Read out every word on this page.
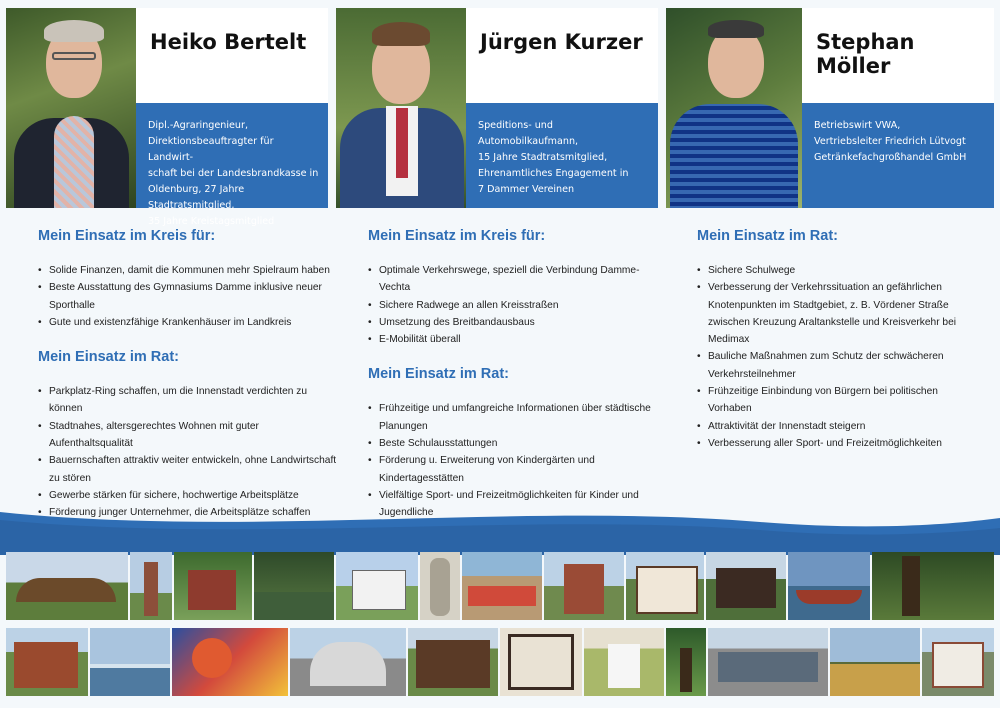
Heiko Bertelt
Dipl.-Agraringenieur,
Direktionsbeauftragter für Landwirt-
schaft bei der Landesbrandkasse in
Oldenburg, 27 Jahre Stadtratsmitglied,
35 Jahre Kreistagsmitglied
Jürgen Kurzer
Speditions- und Automobilkaufmann,
15 Jahre Stadtratsmitglied,
Ehrenamtliches Engagement in
7 Dammer Vereinen
Stephan Möller
Betriebswirt VWA,
Vertriebsleiter Friedrich Lütvogt
Getränkefachgroßhandel GmbH
Mein Einsatz im Kreis für:
• Solide Finanzen, damit die Kommunen mehr Spielraum haben
• Beste Ausstattung des Gymnasiums Damme inklusive neuer Sporthalle
• Gute und existenzfähige Krankenhäuser im Landkreis
Mein Einsatz im Rat:
• Parkplatz-Ring schaffen, um die Innenstadt verdichten zu können
• Stadtnahes, altersgerechtes Wohnen mit guter Aufenthaltsqualität
• Bauernschaften attraktiv weiter entwickeln, ohne Landwirtschaft zu stören
• Gewerbe stärken für sichere, hochwertige Arbeitsplätze
• Förderung junger Unternehmer, die Arbeitsplätze schaffen
Mein Einsatz im Kreis für:
• Optimale Verkehrswege, speziell die Verbindung Damme-Vechta
• Sichere Radwege an allen Kreisstraßen
• Umsetzung des Breitbandausbaus
• E-Mobilität überall
Mein Einsatz im Rat:
• Frühzeitige und umfangreiche Informationen über städtische Planungen
• Beste Schulausstattungen
• Förderung u. Erweiterung von Kindergärten und Kindertagesstätten
• Vielfältige Sport- und Freizeitmöglichkeiten für Kinder und Jugendliche
•
Mein Einsatz im Rat:
• Sichere Schulwege
• Verbesserung der Verkehrssituation an gefährlichen Knotenpunkten im Stadtgebiet, z. B. Vördener Straße zwischen Kreuzung Araltankstelle und Kreisverkehr bei Medimax
• Bauliche Maßnahmen zum Schutz der schwächeren Verkehrsteilnehmer
• Frühzeitige Einbindung von Bürgern bei politischen Vorhaben
• Attraktivität der Innenstadt steigern
• Verbesserung aller Sport- und Freizeitmöglichkeiten
